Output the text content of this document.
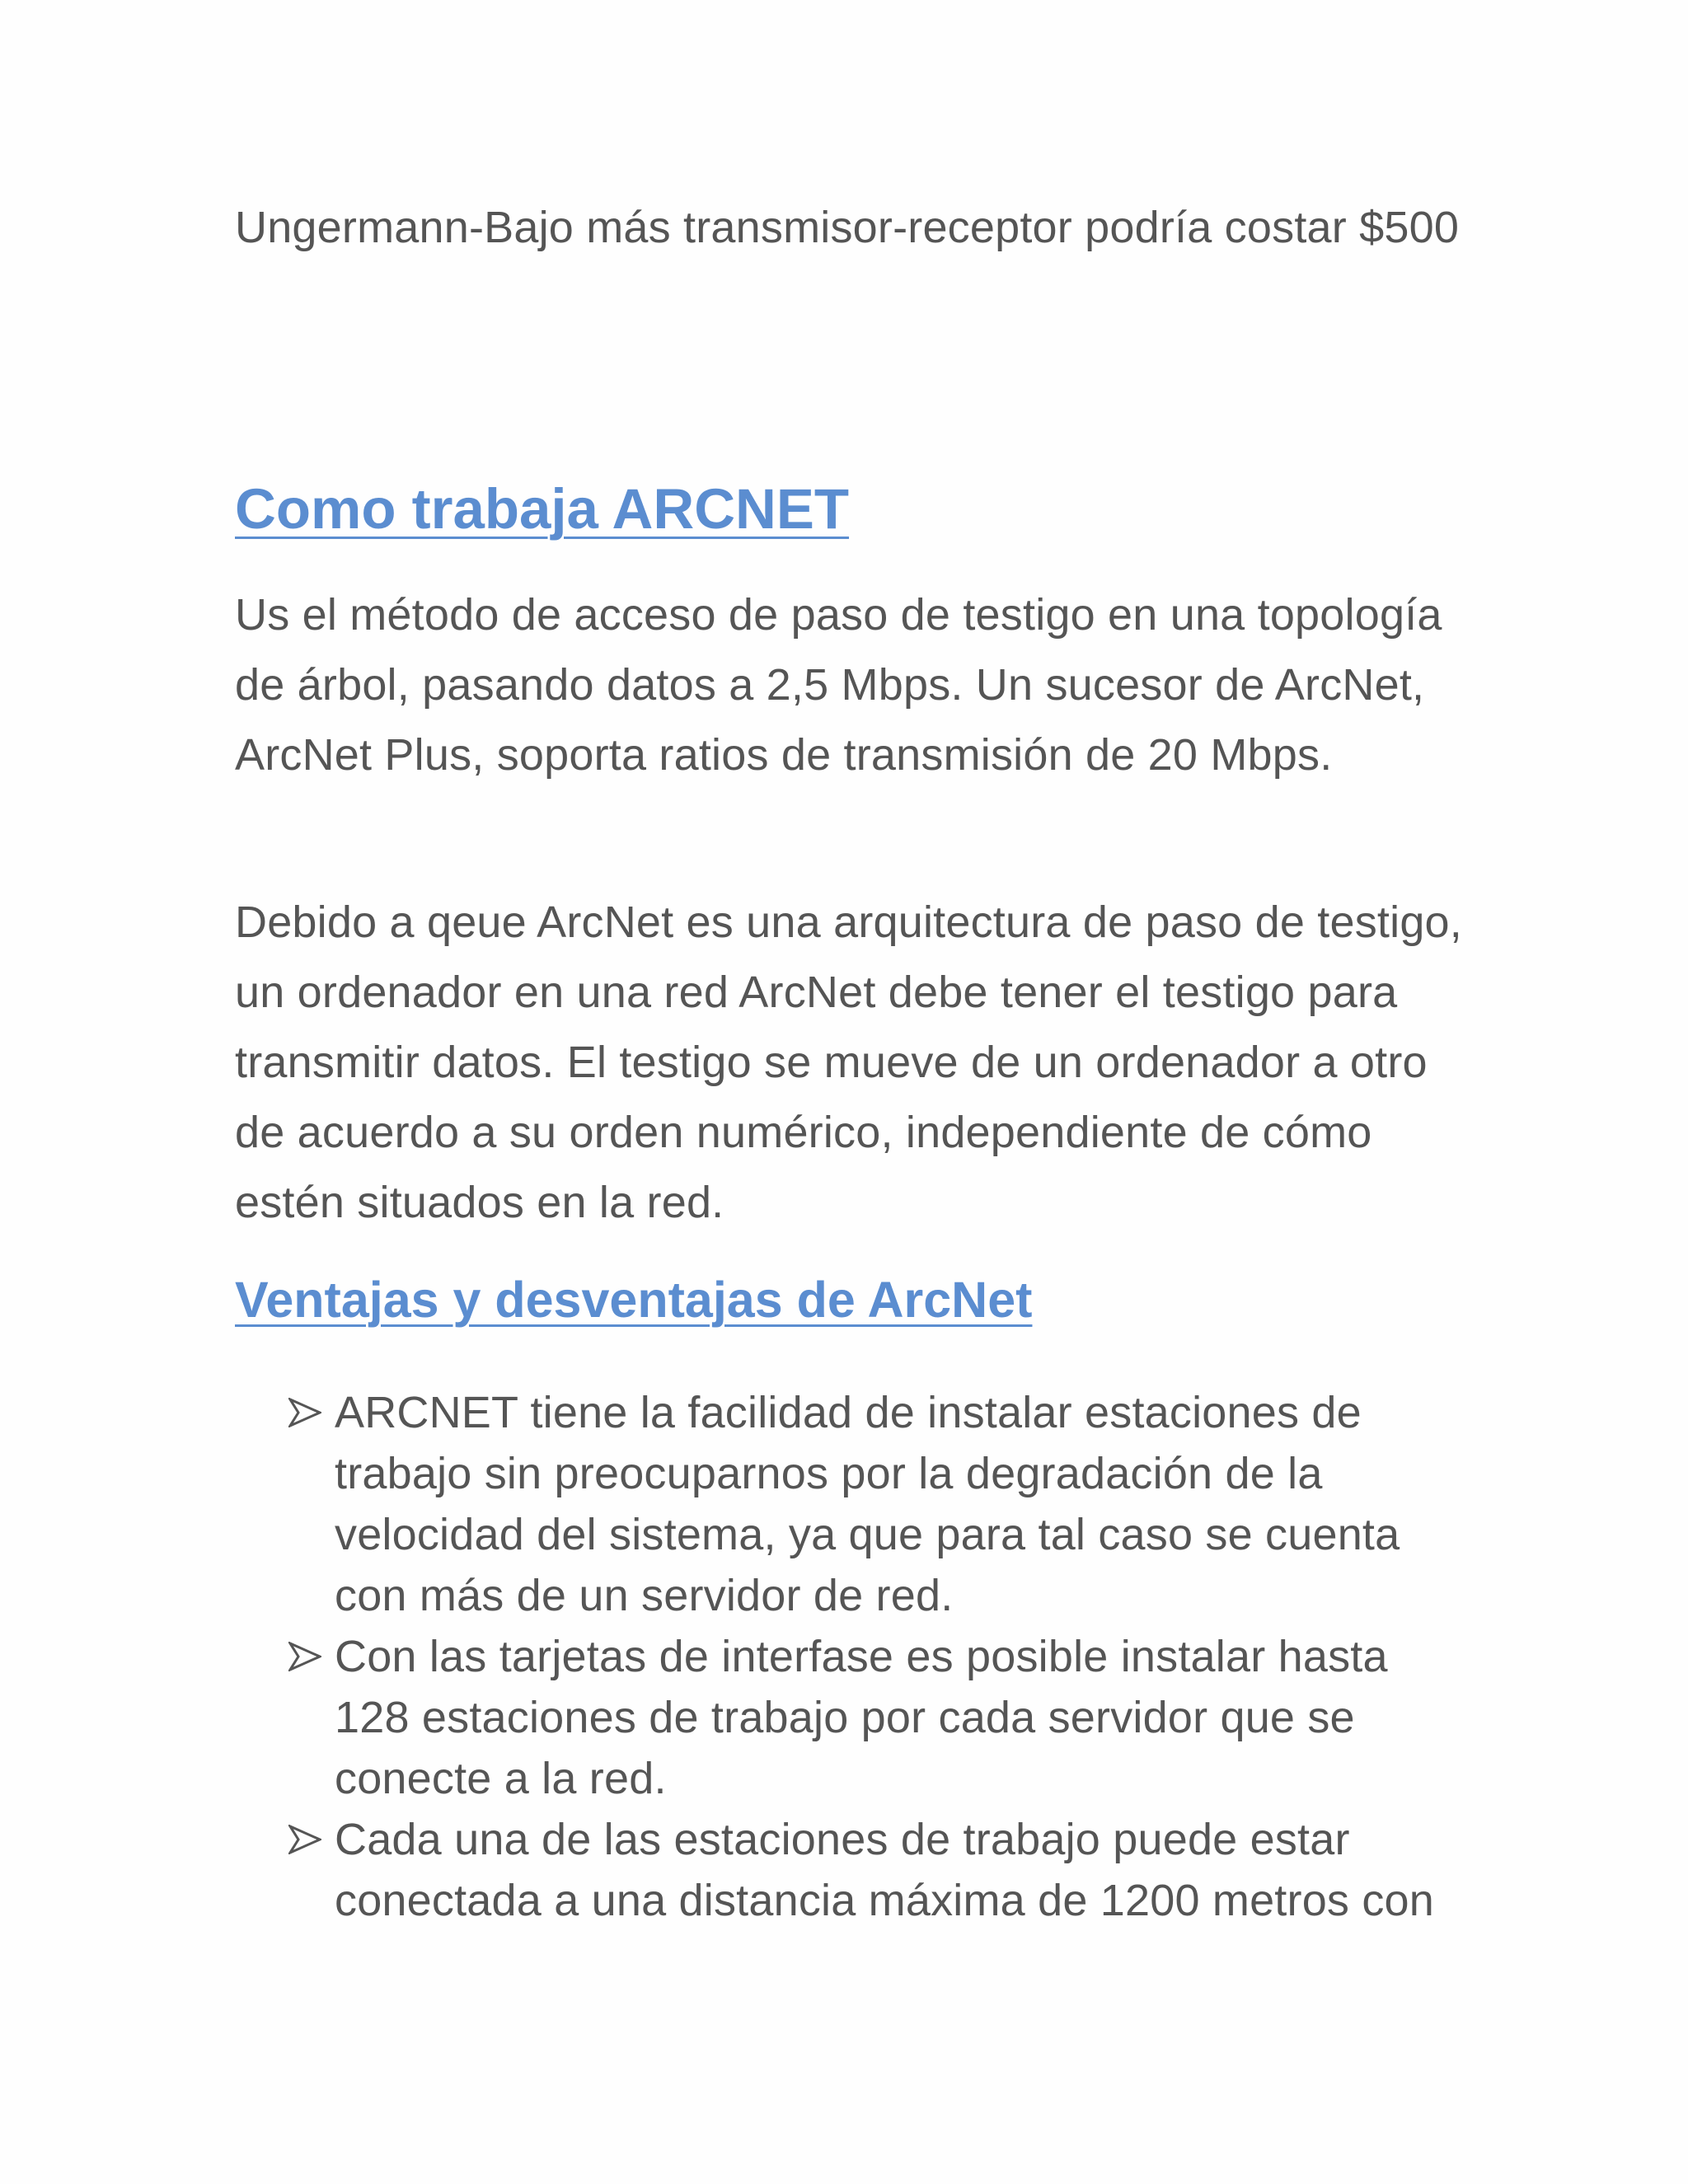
Ungermann-Bajo más transmisor-receptor podría costar $500

Como trabaja ARCNET

Us el método de acceso de paso de testigo en una topología de árbol, pasando datos a 2,5 Mbps. Un sucesor de ArcNet, ArcNet Plus, soporta ratios de transmisión de 20 Mbps.

Debido a qeue ArcNet es una arquitectura de paso de testigo, un ordenador en una red ArcNet debe tener el testigo para transmitir datos. El testigo se mueve de un ordenador a otro de acuerdo a su orden numérico, independiente de cómo estén situados en la red.

Ventajas y desventajas de ArcNet
ARCNET tiene la facilidad de instalar estaciones de trabajo sin preocuparnos por la degradación de la velocidad del sistema, ya que para tal caso se cuenta con más de un servidor de red.
Con las tarjetas de interfase es posible instalar hasta 128 estaciones de trabajo por cada servidor que se conecte a la red.
Cada una de las estaciones de trabajo puede estar conectada a una distancia máxima de 1200 metros con
